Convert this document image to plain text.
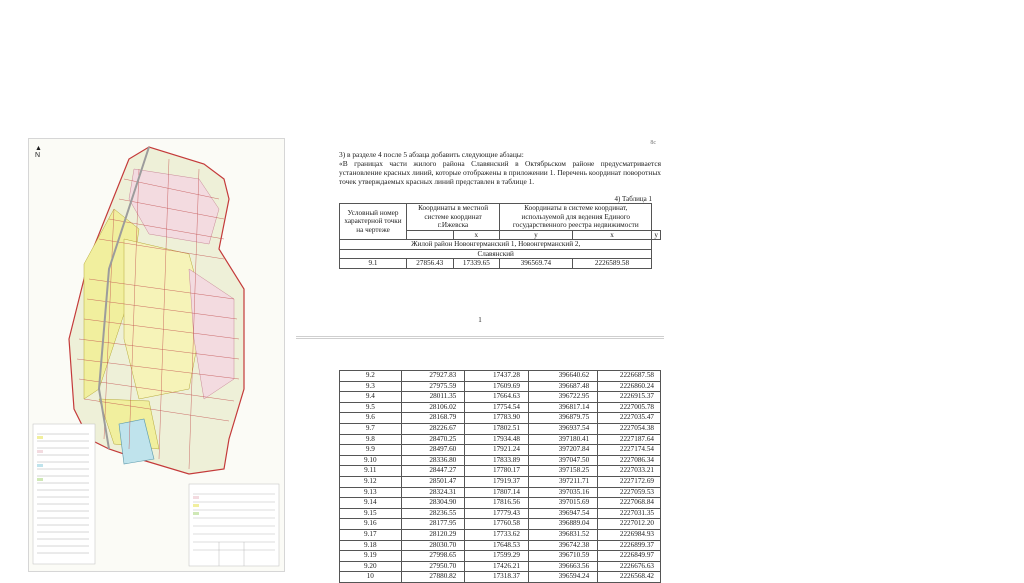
▲
N
8с
3) в разделе 4 после 5 абзаца добавить следующие абзацы:
«В границах части жилого района Славянский в Октябрьском районе предусматривается установление красных линий, которые отображены в приложении 1. Перечень координат поворотных точек утверждаемых красных линий представлен в таблице 1.
4) Таблица 1
Условный номер характерной точки на чертеже	Координаты в местной системе координат г.Ижевска		Координаты в системе координат, используемой для ведения Единого государственного реестра недвижимости		
		x	y	x	y
Жилой район Новонгерманский 1, Новонгерманский 2,					
Славянский					
9.1	27856.43	17339.65	396569.74	2226589.58	
1
9.2	27927.83	17437.28	396640.62	2226687.58
9.3	27975.59	17609.69	396687.48	2226860.24
9.4	28011.35	17664.63	396722.95	2226915.37
9.5	28106.02	17754.54	396817.14	2227005.78
9.6	28168.79	17783.90	396879.75	2227035.47
9.7	28226.67	17802.51	396937.54	2227054.38
9.8	28470.25	17934.48	397180.41	2227187.64
9.9	28497.60	17921.24	397207.84	2227174.54
9.10	28336.80	17833.89	397047.50	2227086.34
9.11	28447.27	17780.17	397158.25	2227033.21
9.12	28501.47	17919.37	397211.71	2227172.69
9.13	28324.31	17807.14	397035.16	2227059.53
9.14	28304.90	17816.56	397015.69	2227068.84
9.15	28236.55	17779.43	396947.54	2227031.35
9.16	28177.95	17760.58	396889.04	2227012.20
9.17	28120.29	17733.62	396831.52	2226984.93
9.18	28030.70	17648.53	396742.38	2226899.37
9.19	27998.65	17599.29	396710.59	2226849.97
9.20	27950.70	17426.21	396663.56	2226676.63
10	27880.82	17318.37	396594.24	2226568.42
